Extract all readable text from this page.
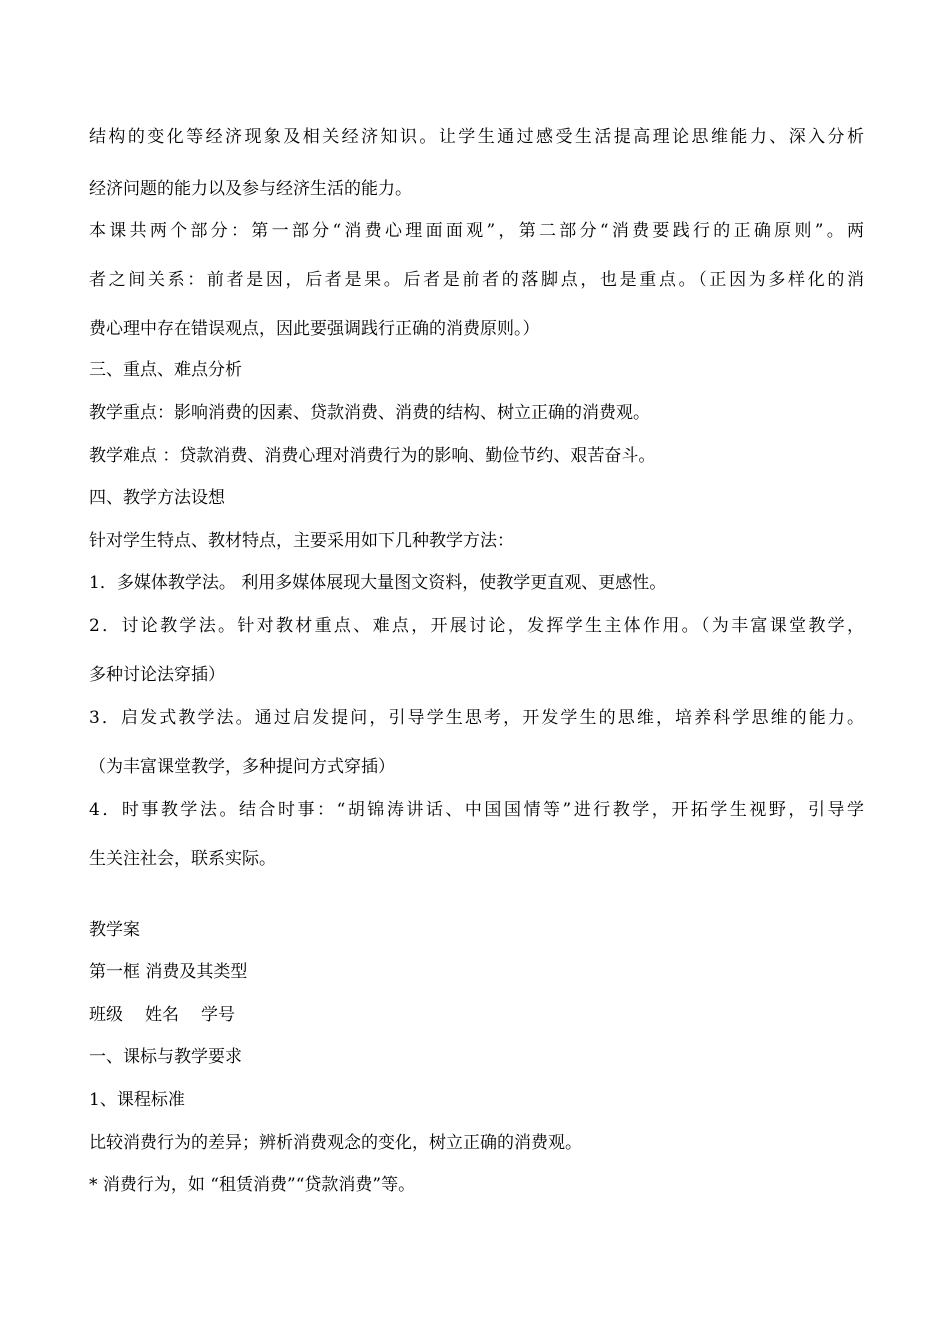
结构的变化等经济现象及相关经济知识。让学生通过感受生活提高理论思维能力、深入分析
经济问题的能力以及参与经济生活的能力。
本课共两个部分：第一部分“消费心理面面观”，第二部分“消费要践行的正确原则”。两
者之间关系：前者是因，后者是果。后者是前者的落脚点，也是重点。（正因为多样化的消
费心理中存在错误观点，因此要强调践行正确的消费原则。）
三、重点、难点分析
教学重点：影响消费的因素、贷款消费、消费的结构、树立正确的消费观。
教学难点 ：贷款消费、消费心理对消费行为的影响、勤俭节约、艰苦奋斗。
四、教学方法设想
针对学生特点、教材特点，主要采用如下几种教学方法：
1．多媒体教学法。 利用多媒体展现大量图文资料，使教学更直观、更感性。
2．讨论教学法。针对教材重点、难点，开展讨论，发挥学生主体作用。（为丰富课堂教学，
多种讨论法穿插）
3．启发式教学法。通过启发提问，引导学生思考，开发学生的思维，培养科学思维的能力。
（为丰富课堂教学，多种提问方式穿插）
4．时事教学法。结合时事：“胡锦涛讲话、中国国情等”进行教学，开拓学生视野，引导学
生关注社会，联系实际。
教学案
第一框 消费及其类型
班级 姓名 学号
一、课标与教学要求
1、课程标准
比较消费行为的差异；辨析消费观念的变化，树立正确的消费观。
* 消费行为，如 “租赁消费”“贷款消费”等。
